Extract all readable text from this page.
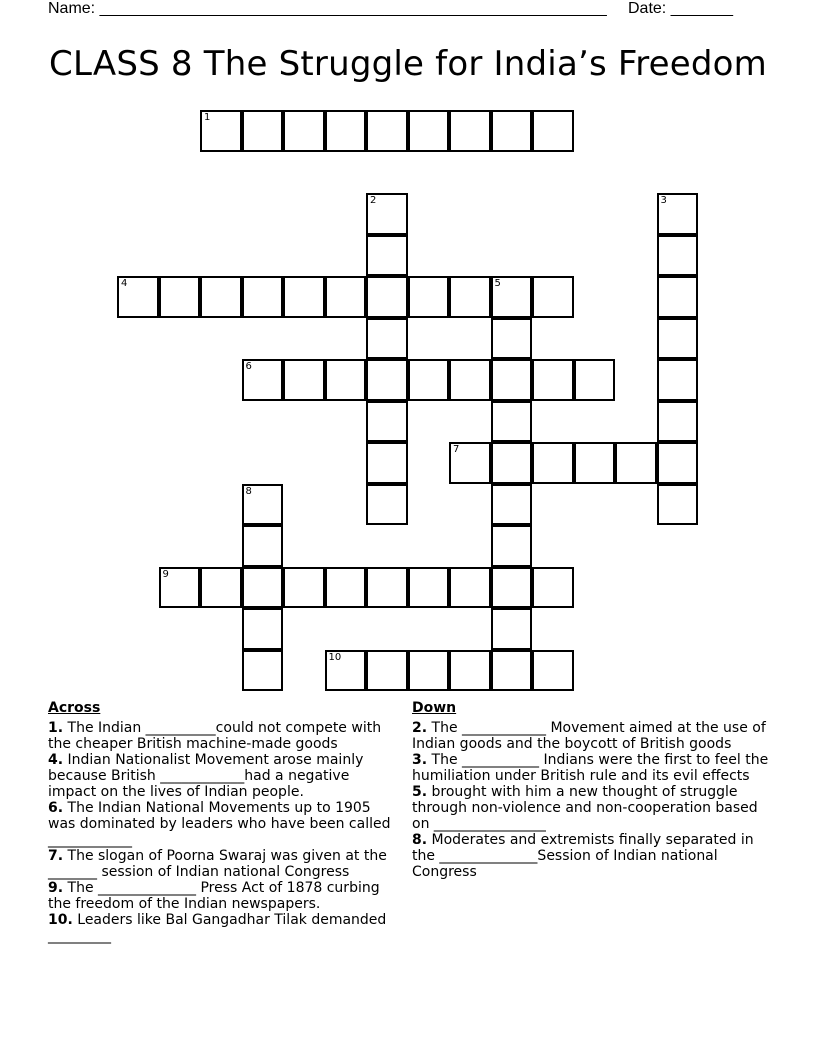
Name: _________________________________________________________ Date: _______
CLASS 8 The Struggle for India’s Freedom
1
2	3
4	5
6
7
8
9
10
Across
1. The Indian __________could not compete with the cheaper British machine-made goods
4. Indian Nationalist Movement arose mainly because British ____________had a negative impact on the lives of Indian people.
6. The Indian National Movements up to 1905 was dominated by leaders who have been called ____________
7. The slogan of Poorna Swaraj was given at the _______ session of Indian national Congress
9. The ______________ Press Act of 1878 curbing the freedom of the Indian newspapers.
10. Leaders like Bal Gangadhar Tilak demanded _________
Down
2. The ____________ Movement aimed at the use of Indian goods and the boycott of British goods
3. The ___________ Indians were the first to feel the humiliation under British rule and its evil effects
5. brought with him a new thought of struggle through non-violence and non-cooperation based on ________________
8. Moderates and extremists finally separated in the ______________Session of Indian national Congress
